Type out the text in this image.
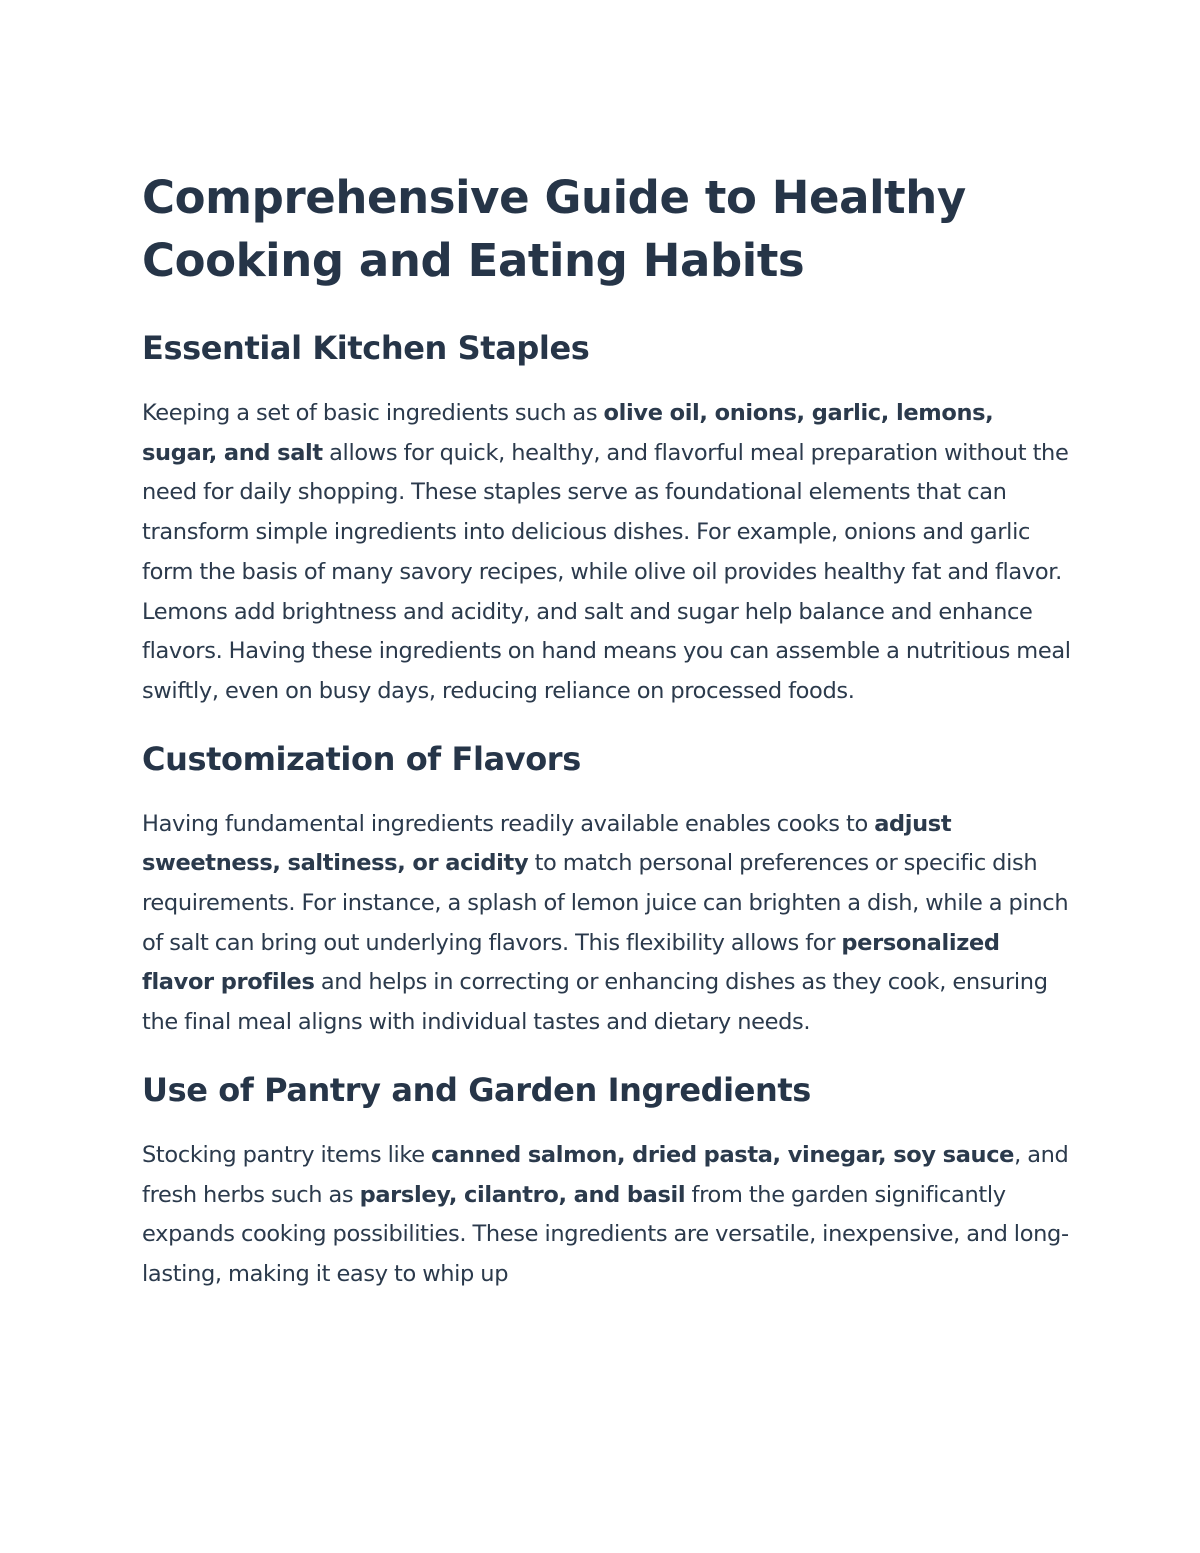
Comprehensive Guide to Healthy Cooking and Eating Habits
Essential Kitchen Staples

Keeping a set of basic ingredients such as olive oil, onions, garlic, lemons, sugar, and salt allows for quick, healthy, and flavorful meal preparation without the need for daily shopping. These staples serve as foundational elements that can transform simple ingredients into delicious dishes. For example, onions and garlic form the basis of many savory recipes, while olive oil provides healthy fat and flavor. Lemons add brightness and acidity, and salt and sugar help balance and enhance flavors. Having these ingredients on hand means you can assemble a nutritious meal swiftly, even on busy days, reducing reliance on processed foods.

Customization of Flavors

Having fundamental ingredients readily available enables cooks to adjust sweetness, saltiness, or acidity to match personal preferences or specific dish requirements. For instance, a splash of lemon juice can brighten a dish, while a pinch of salt can bring out underlying flavors. This flexibility allows for personalized flavor profiles and helps in correcting or enhancing dishes as they cook, ensuring the final meal aligns with individual tastes and dietary needs.

Use of Pantry and Garden Ingredients

Stocking pantry items like canned salmon, dried pasta, vinegar, soy sauce, and fresh herbs such as parsley, cilantro, and basil from the garden significantly expands cooking possibilities. These ingredients are versatile, inexpensive, and long-lasting, making it easy to whip up
